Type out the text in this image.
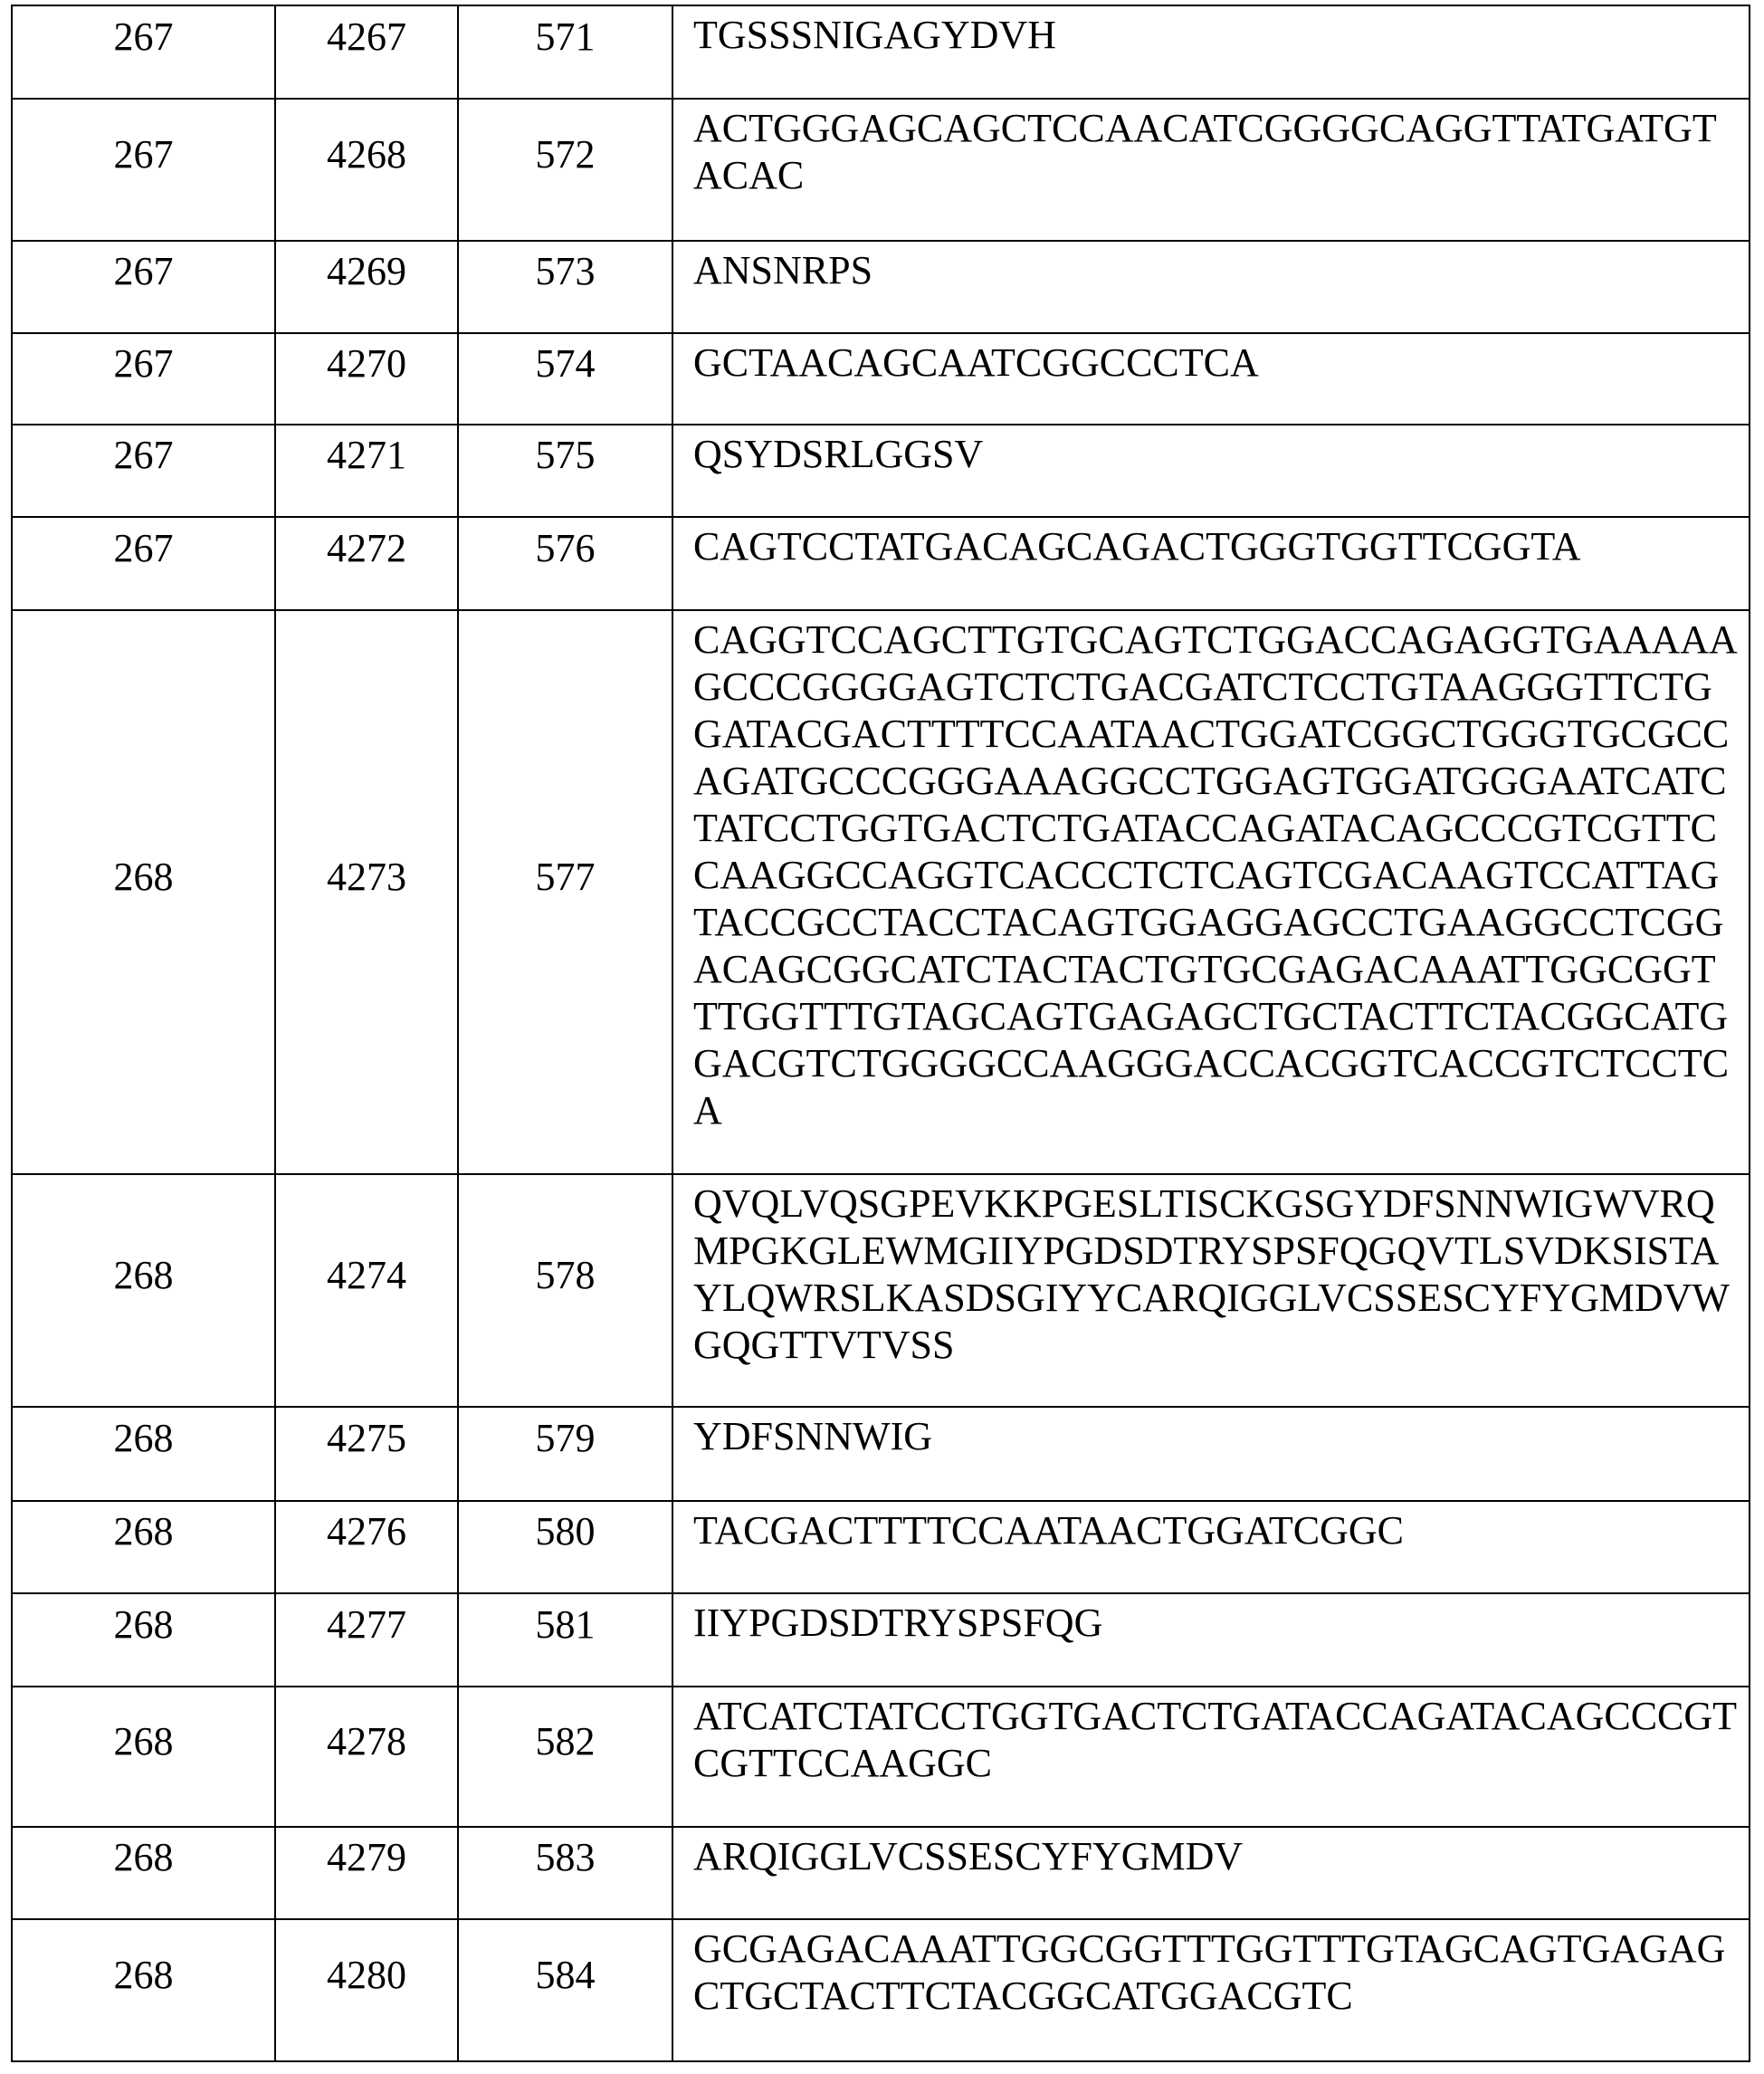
267	4267	571	TGSSSNIGAGYDVH
267	4268	572	ACTGGGAGCAGCTCCAACATCGGGGCAGGTTATGATGTACAC
267	4269	573	ANSNRPS
267	4270	574	GCTAACAGCAATCGGCCCTCA
267	4271	575	QSYDSRLGGSV
267	4272	576	CAGTCCTATGACAGCAGACTGGGTGGTTCGGTA
268	4273	577	CAGGTCCAGCTTGTGCAGTCTGGACCAGAGGTGAAAAAGCCCGGGGAGTCTCTGACGATCTCCTGTAAGGGTTCTGGATACGACTTTTCCAATAACTGGATCGGCTGGGTGCGCCAGATGCCCGGGAAAGGCCTGGAGTGGATGGGAATCATCTATCCTGGTGACTCTGATACCAGATACAGCCCGTCGTTCCAAGGCCAGGTCACCCTCTCAGTCGACAAGTCCATTAGTACCGCCTACCTACAGTGGAGGAGCCTGAAGGCCTCGGACAGCGGCATCTACTACTGTGCGAGACAAATTGGCGGTTTGGTTTGTAGCAGTGAGAGCTGCTACTTCTACGGCATGGACGTCTGGGGCCAAGGGACCACGGTCACCGTCTCCTCA
268	4274	578	QVQLVQSGPEVKKPGESLTISCKGSGYDFSNNWIGWVRQMPGKGLEWMGIIYPGDSDTRYSPSFQGQVTLSVDKSISTAYLQWRSLKASDSGIYYCARQIGGLVCSSESCYFYGMDVWGQGTTVTVSS
268	4275	579	YDFSNNWIG
268	4276	580	TACGACTTTTCCAATAACTGGATCGGC
268	4277	581	IIYPGDSDTRYSPSFQG
268	4278	582	ATCATCTATCCTGGTGACTCTGATACCAGATACAGCCCGTCGTTCCAAGGC
268	4279	583	ARQIGGLVCSSESCYFYGMDV
268	4280	584	GCGAGACAAATTGGCGGTTTGGTTTGTAGCAGTGAGAGCTGCTACTTCTACGGCATGGACGTC
